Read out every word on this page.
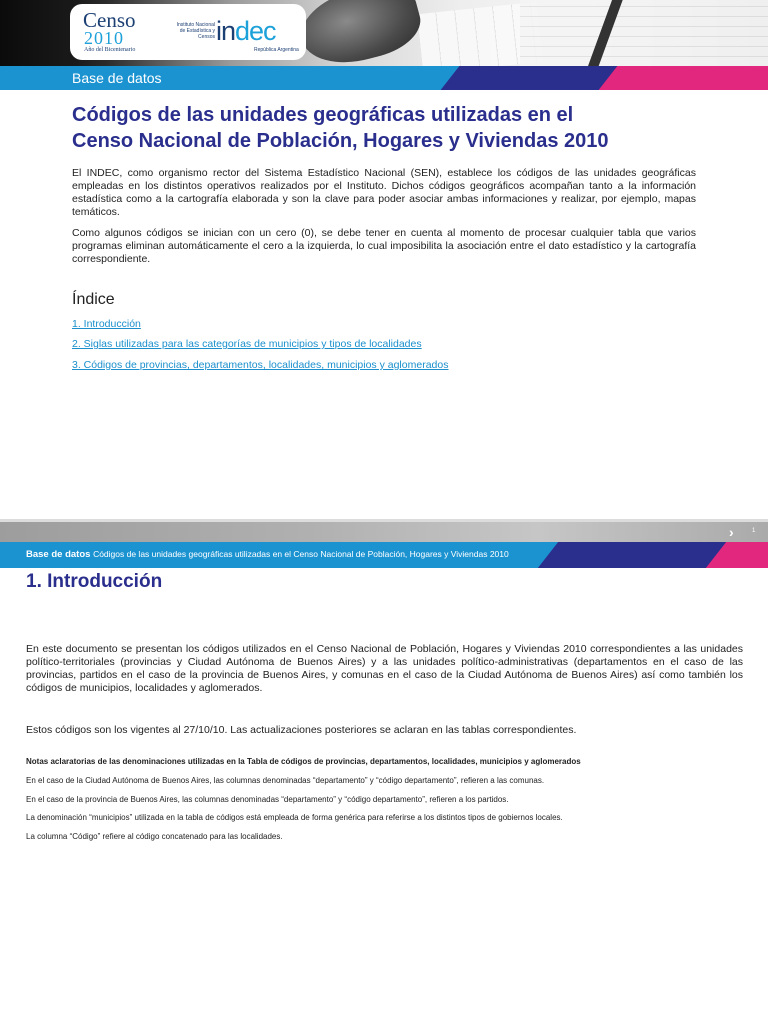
Censo
2010
Año del Bicentenario
Instituto Nacional de Estadística y Censos indec
República Argentina
Base de datos
Códigos de las unidades geográficas utilizadas en el
Censo Nacional de Población, Hogares y Viviendas 2010
El INDEC, como organismo rector del Sistema Estadístico Nacional (SEN), establece los códigos de las unidades geográficas empleadas en los distintos operativos realizados por el Instituto. Dichos códigos geográficos acompañan tanto a la información estadística como a la cartografía elaborada y son la clave para poder asociar ambas informaciones y realizar, por ejemplo, mapas temáticos.
Como algunos códigos se inician con un cero (0), se debe tener en cuenta al momento de procesar cualquier tabla que varios programas eliminan automáticamente el cero a la izquierda, lo cual imposibilita la asociación entre el dato estadístico y la cartografía correspondiente.
Índice
1. Introducción
2. Siglas utilizadas para las categorías de municipios y tipos de localidades
3. Códigos de provincias, departamentos, localidades, municipios y aglomerados
›	1
Base de datos Códigos de las unidades geográficas utilizadas en el Censo Nacional de Población, Hogares y Viviendas 2010
1. Introducción
En este documento se presentan los códigos utilizados en el Censo Nacional de Población, Hogares y Viviendas 2010 correspondientes a las unidades político-territoriales (provincias y Ciudad Autónoma de Buenos Aires) y a las unidades político-administrativas (departamentos en el caso de las provincias, partidos en el caso de la provincia de Buenos Aires, y comunas en el caso de la Ciudad Autónoma de Buenos Aires) así como también los códigos de municipios, localidades y aglomerados.
Estos códigos son los vigentes al 27/10/10. Las actualizaciones posteriores se aclaran en las tablas correspondientes.
Notas aclaratorias de las denominaciones utilizadas en la Tabla de códigos de provincias, departamentos, localidades, municipios y aglomerados
En el caso de la Ciudad Autónoma de Buenos Aires, las columnas denominadas “departamento” y “código departamento”, refieren a las comunas.
En el caso de la provincia de Buenos Aires, las columnas denominadas “departamento” y “código departamento”, refieren a los partidos.
La denominación “municipios” utilizada en la tabla de códigos está empleada de forma genérica para referirse a los distintos tipos de gobiernos locales.
La columna “Código” refiere al código concatenado para las localidades.
